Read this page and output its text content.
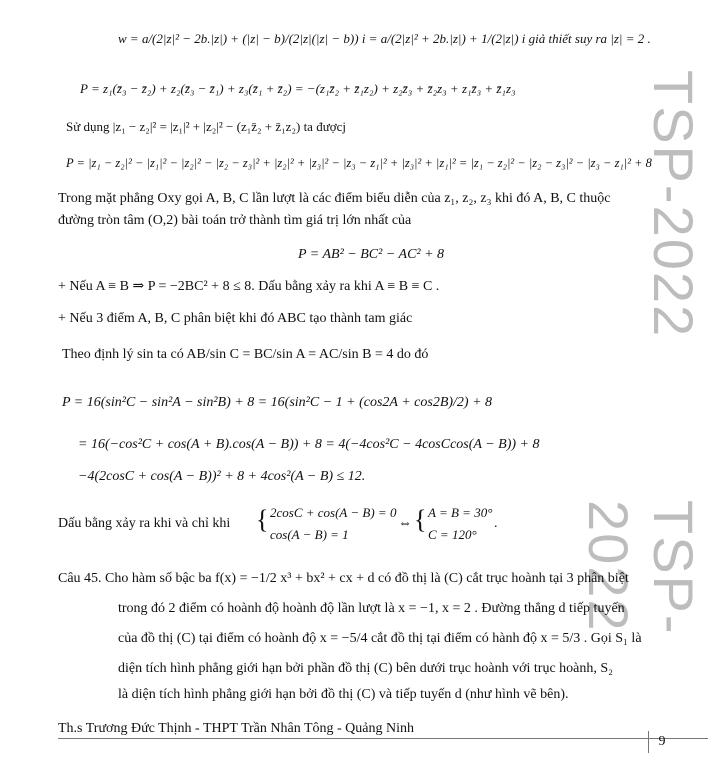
TSP-2022
TSP-2022
w = a/(2|z|² − 2b.|z|) + (|z| − b)/(2|z|(|z| − b)) i = a/(2|z|² + 2b.|z|) + 1/(2|z|) i giả thiết suy ra |z| = 2 .
P = z₁(z̄₃ − z̄₂) + z₂(z̄₃ − z̄₁) + z₃(z̄₁ + z̄₂) = −(z₁z̄₂ + z̄₁z₂) + z₂z̄₃ + z̄₂z₃ + z₁z̄₃ + z̄₁z₃
Sử dụng |z₁ − z₂|² = |z₁|² + |z₂|² − (z₁z̄₂ + z̄₁z₂) ta đượcj
P = |z₁ − z₂|² − |z₁|² − |z₂|² − |z₂ − z₃|² + |z₂|² + |z₃|² − |z₃ − z₁|² + |z₃|² + |z₁|² = |z₁ − z₂|² − |z₂ − z₃|² − |z₃ − z₁|² + 8
Trong mặt phẳng Oxy gọi A, B, C lần lượt là các điểm biểu diễn của z₁, z₂, z₃ khi đó A, B, C thuộc
đường tròn tâm (O,2) bài toán trở thành tìm giá trị lớn nhất của
P = AB² − BC² − AC² + 8
+ Nếu A ≡ B ⇒ P = −2BC² + 8 ≤ 8. Dấu bằng xảy ra khi A ≡ B ≡ C .
+ Nếu 3 điểm A, B, C phân biệt khi đó ABC tạo thành tam giác
Theo định lý sin ta có AB/sin C = BC/sin A = AC/sin B = 4 do đó
P = 16(sin²C − sin²A − sin²B) + 8 = 16(sin²C − 1 + (cos2A + cos2B)/2) + 8
= 16(−cos²C + cos(A + B).cos(A − B)) + 8 = 4(−4cos²C − 4cosCcos(A − B)) + 8
−4(2cosC + cos(A − B))² + 8 + 4cos²(A − B) ≤ 12.
Dấu bằng xảy ra khi và chỉ khi { 2cosC + cos(A − B) = 0
cos(A − B) = 1
⇔ { A = B = 30°
C = 120°
.
Câu 45. Cho hàm số bậc ba f(x) = −1/2 x³ + bx² + cx + d có đồ thị là (C) cắt trục hoành tại 3 phân biệt
trong đó 2 điểm có hoành độ hoành độ lần lượt là x = −1, x = 2 . Đường thẳng d tiếp tuyến
của đồ thị (C) tại điểm có hoành độ x = −5/4 cắt đồ thị tại điểm có hành độ x = 5/3 . Gọi S₁ là
diện tích hình phẳng giới hạn bởi phần đồ thị (C) bên dưới trục hoành với trục hoành, S₂
là diện tích hình phẳng giới hạn bởi đồ thị (C) và tiếp tuyến d (như hình vẽ bên).
Th.s Trương Đức Thịnh - THPT Trần Nhân Tông - Quảng Ninh
9
